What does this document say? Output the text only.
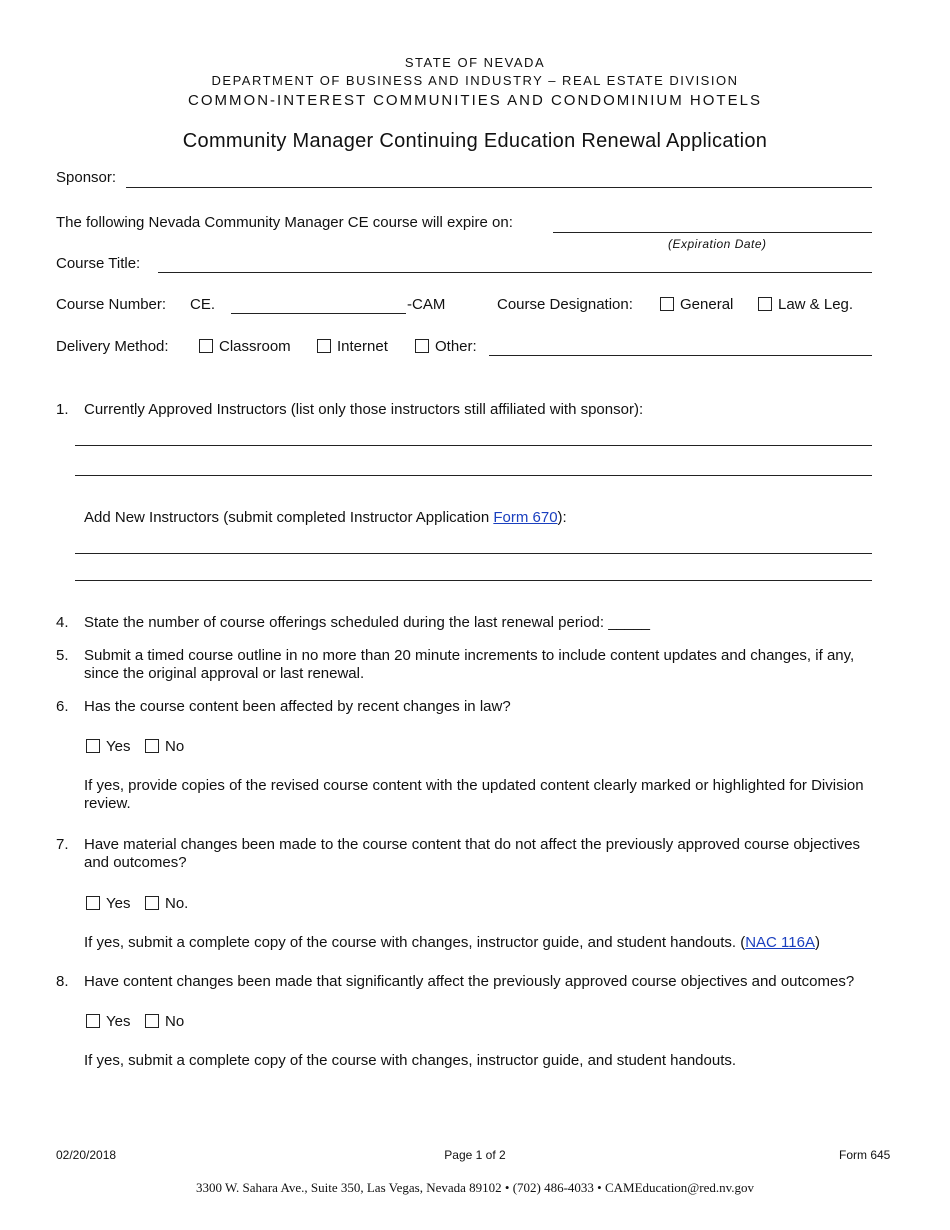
STATE OF NEVADA
DEPARTMENT OF BUSINESS AND INDUSTRY – REAL ESTATE DIVISION
COMMON-INTEREST COMMUNITIES AND CONDOMINIUM HOTELS
Community Manager Continuing Education Renewal Application
Sponsor:
The following Nevada Community Manager CE course will expire on:
(Expiration Date)
Course Title:
Course Number: CE.	-CAM	Course Designation:	General	Law & Leg.
Delivery Method:	Classroom	Internet	Other:
1. Currently Approved Instructors (list only those instructors still affiliated with sponsor):
Add New Instructors (submit completed Instructor Application Form 670):
4. State the number of course offerings scheduled during the last renewal period: _____
5. Submit a timed course outline in no more than 20 minute increments to include content updates and changes, if any, since the original approval or last renewal.
6. Has the course content been affected by recent changes in law?
Yes	No
If yes, provide copies of the revised course content with the updated content clearly marked or highlighted for Division review.
7. Have material changes been made to the course content that do not affect the previously approved course objectives and outcomes?
Yes	No.
If yes, submit a complete copy of the course with changes, instructor guide, and student handouts. (NAC 116A)
8. Have content changes been made that significantly affect the previously approved course objectives and outcomes?
Yes	No
If yes, submit a complete copy of the course with changes, instructor guide, and student handouts.
02/20/2018	Page 1 of 2	Form 645
3300 W. Sahara Ave., Suite 350, Las Vegas, Nevada 89102 • (702) 486-4033 • CAMEducation@red.nv.gov
